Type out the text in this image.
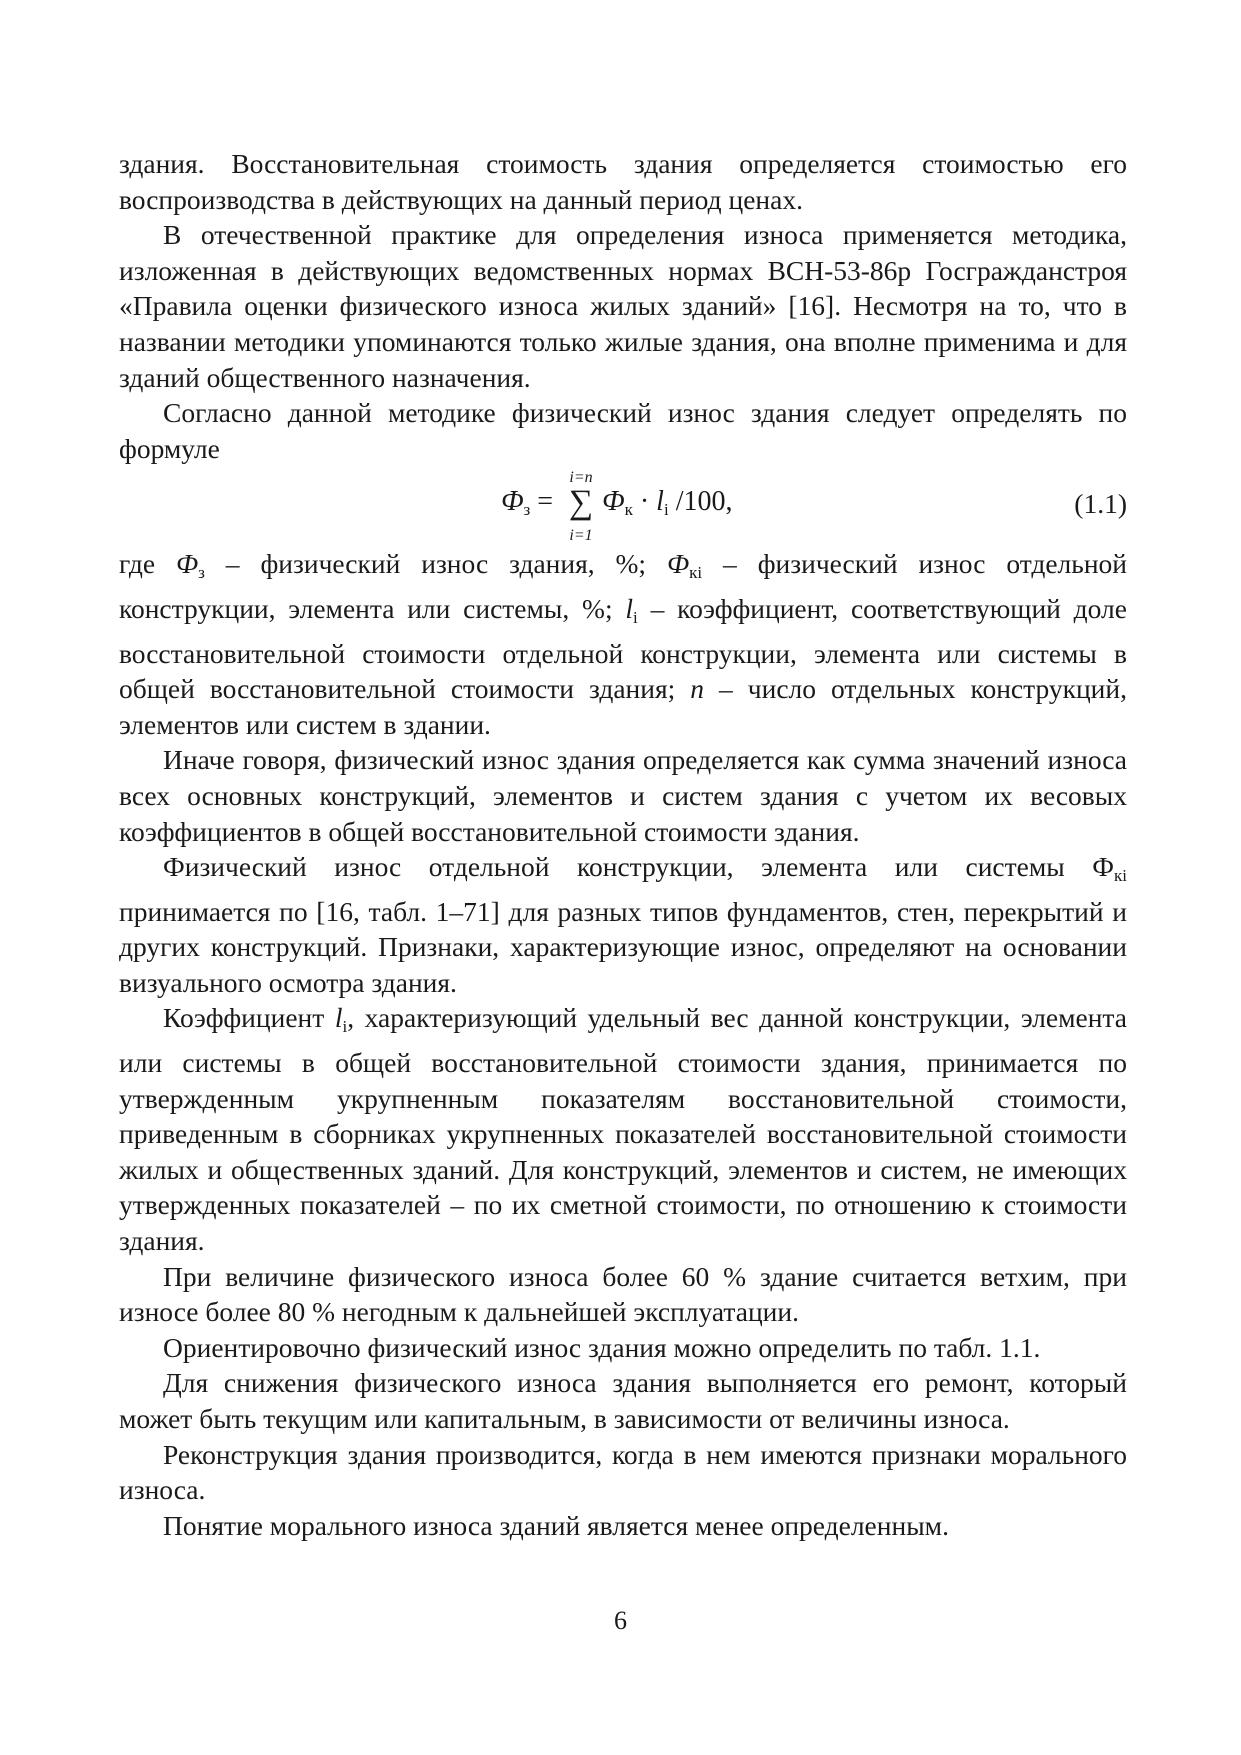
здания. Восстановительная стоимость здания определяется стоимостью его воспроизводства в действующих на данный период ценах.

В отечественной практике для определения износа применяется методика, изложенная в действующих ведомственных нормах ВСН-53-86р Госгражданстроя «Правила оценки физического износа жилых зданий» [16]. Несмотря на то, что в названии методики упоминаются только жилые здания, она вполне применима и для зданий общественного назначения.

Согласно данной методике физический износ здания следует определять по формуле

$Ф_з$ =
i=n
∑
i=1
$Ф_к \cdot l_i$ /100,	(1.1)

где $Ф_з$ – физический износ здания, %; $Ф_{кi}$ – физический износ отдельной конструкции, элемента или системы, %; $l_i$ – коэффициент, соответствующий доле восстановительной стоимости отдельной конструкции, элемента или системы в общей восстановительной стоимости здания; n – число отдельных конструкций, элементов или систем в здании.

Иначе говоря, физический износ здания определяется как сумма значений износа всех основных конструкций, элементов и систем здания с учетом их весовых коэффициентов в общей восстановительной стоимости здания.

Физический износ отдельной конструкции, элемента или системы $Ф_{кi}$ принимается по [16, табл. 1–71] для разных типов фундаментов, стен, перекрытий и других конструкций. Признаки, характеризующие износ, определяют на основании визуального осмотра здания.

Коэффициент $l_i$, характеризующий удельный вес данной конструкции, элемента или системы в общей восстановительной стоимости здания, принимается по утвержденным укрупненным показателям восстановительной стоимости, приведенным в сборниках укрупненных показателей восстановительной стоимости жилых и общественных зданий. Для конструкций, элементов и систем, не имеющих утвержденных показателей – по их сметной стоимости, по отношению к стоимости здания.

При величине физического износа более 60 % здание считается ветхим, при износе более 80 % негодным к дальнейшей эксплуатации.

Ориентировочно физический износ здания можно определить по табл. 1.1.

Для снижения физического износа здания выполняется его ремонт, который может быть текущим или капитальным, в зависимости от величины износа.

Реконструкция здания производится, когда в нем имеются признаки морального износа.

Понятие морального износа зданий является менее определенным.

6
